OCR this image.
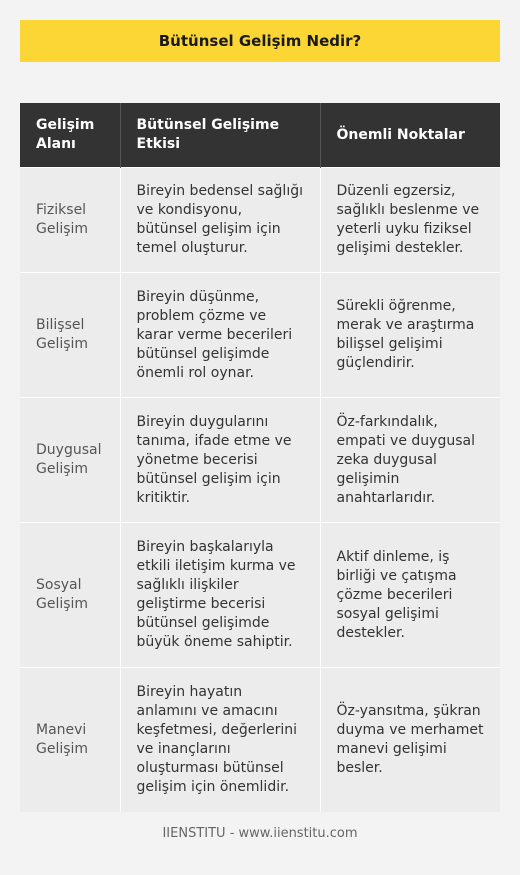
Bütünsel Gelişim Nedir?
Gelişim Alanı	Bütünsel Gelişime Etkisi	Önemli Noktalar
Fiziksel Gelişim	Bireyin bedensel sağlığı ve kondisyonu, bütünsel gelişim için temel oluşturur.	Düzenli egzersiz, sağlıklı beslenme ve yeterli uyku fiziksel gelişimi destekler.
Bilişsel Gelişim	Bireyin düşünme, problem çözme ve karar verme becerileri bütünsel gelişimde önemli rol oynar.	Sürekli öğrenme, merak ve araştırma bilişsel gelişimi güçlendirir.
Duygusal Gelişim	Bireyin duygularını tanıma, ifade etme ve yönetme becerisi bütünsel gelişim için kritiktir.	Öz-farkındalık, empati ve duygusal zeka duygusal gelişimin anahtarlarıdır.
Sosyal Gelişim	Bireyin başkalarıyla etkili iletişim kurma ve sağlıklı ilişkiler geliştirme becerisi bütünsel gelişimde büyük öneme sahiptir.	Aktif dinleme, iş birliği ve çatışma çözme becerileri sosyal gelişimi destekler.
Manevi Gelişim	Bireyin hayatın anlamını ve amacını keşfetmesi, değerlerini ve inançlarını oluşturması bütünsel gelişim için önemlidir.	Öz-yansıtma, şükran duyma ve merhamet manevi gelişimi besler.
IIENSTITU - www.iienstitu.com
